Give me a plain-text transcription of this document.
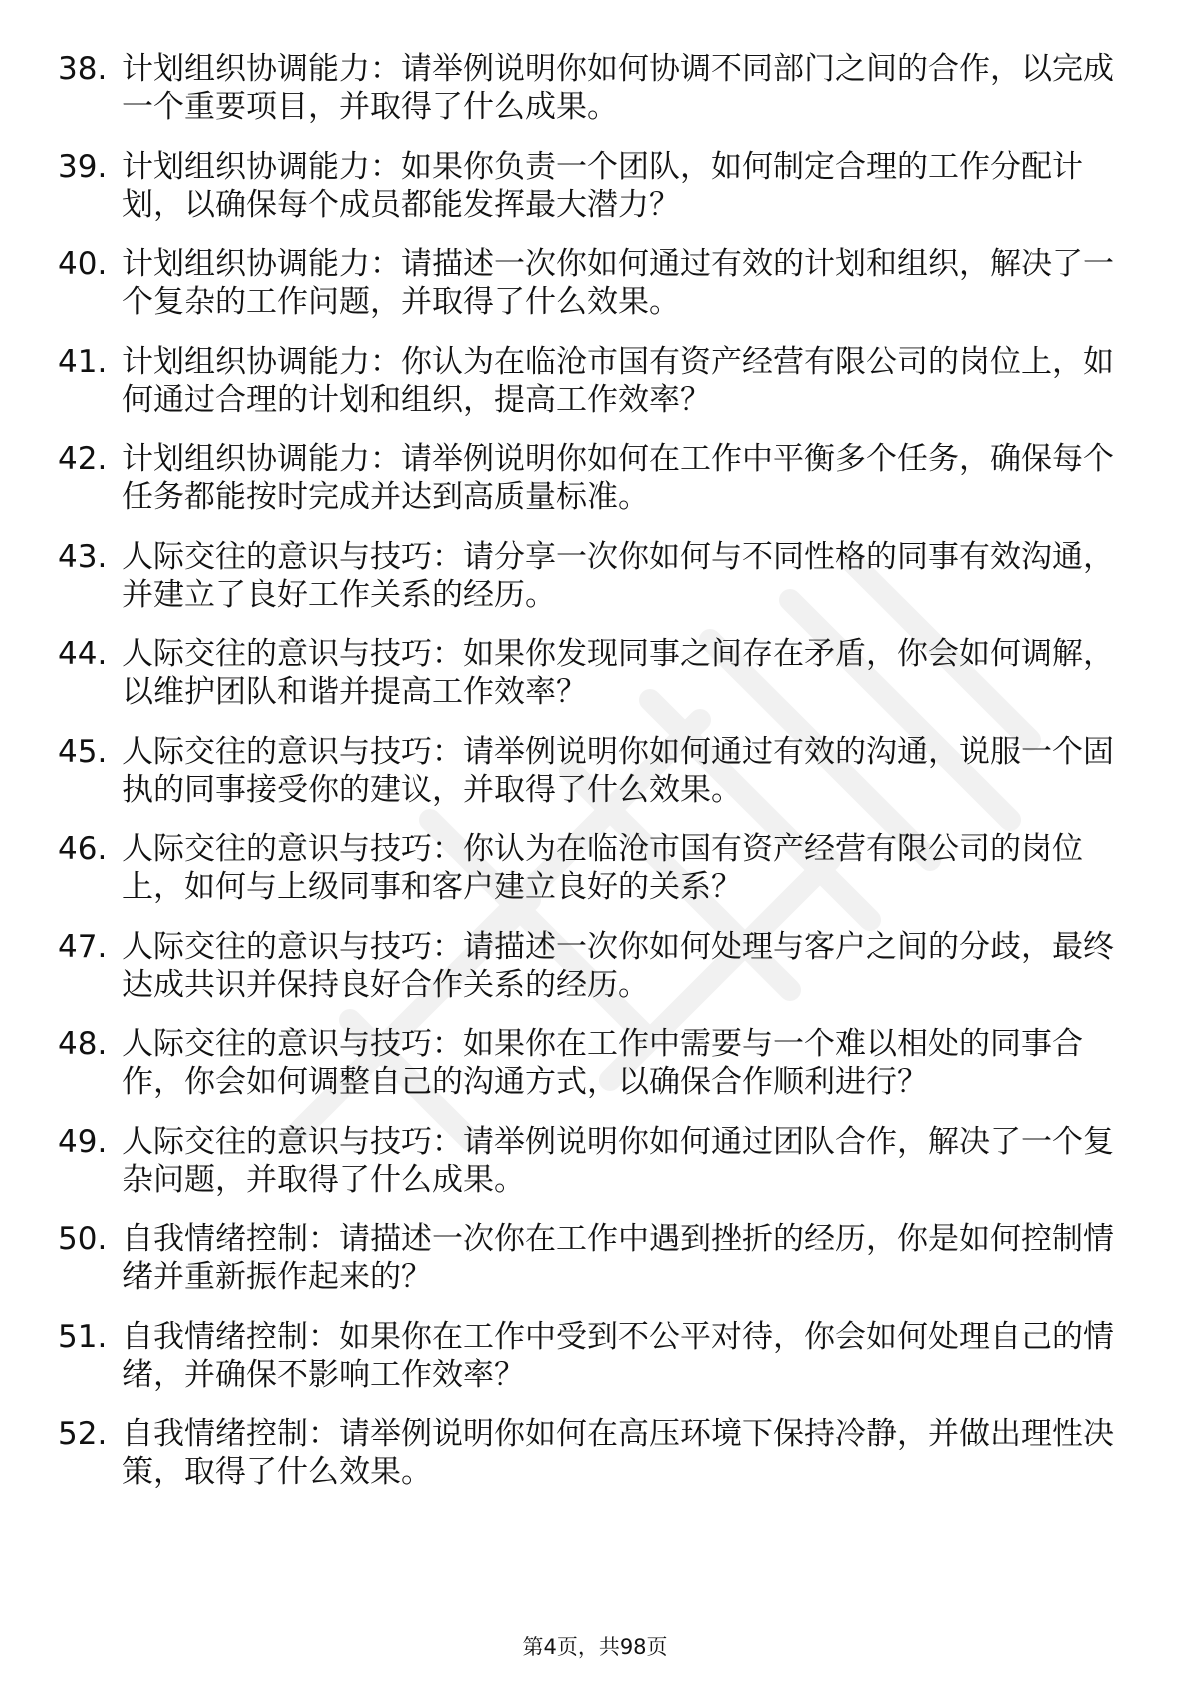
38. 计划组织协调能力：请举例说明你如何协调不同部门之间的合作，以完成一个重要项目，并取得了什么成果。
39. 计划组织协调能力：如果你负责一个团队，如何制定合理的工作分配计划，以确保每个成员都能发挥最大潜力？
40. 计划组织协调能力：请描述一次你如何通过有效的计划和组织，解决了一个复杂的工作问题，并取得了什么效果。
41. 计划组织协调能力：你认为在临沧市国有资产经营有限公司的岗位上，如何通过合理的计划和组织，提高工作效率？
42. 计划组织协调能力：请举例说明你如何在工作中平衡多个任务，确保每个任务都能按时完成并达到高质量标准。
43. 人际交往的意识与技巧：请分享一次你如何与不同性格的同事有效沟通，并建立了良好工作关系的经历。
44. 人际交往的意识与技巧：如果你发现同事之间存在矛盾，你会如何调解，以维护团队和谐并提高工作效率？
45. 人际交往的意识与技巧：请举例说明你如何通过有效的沟通，说服一个固执的同事接受你的建议，并取得了什么效果。
46. 人际交往的意识与技巧：你认为在临沧市国有资产经营有限公司的岗位上，如何与上级同事和客户建立良好的关系？
47. 人际交往的意识与技巧：请描述一次你如何处理与客户之间的分歧，最终达成共识并保持良好合作关系的经历。
48. 人际交往的意识与技巧：如果你在工作中需要与一个难以相处的同事合作，你会如何调整自己的沟通方式，以确保合作顺利进行？
49. 人际交往的意识与技巧：请举例说明你如何通过团队合作，解决了一个复杂问题，并取得了什么成果。
50. 自我情绪控制：请描述一次你在工作中遇到挫折的经历，你是如何控制情绪并重新振作起来的？
51. 自我情绪控制：如果你在工作中受到不公平对待，你会如何处理自己的情绪，并确保不影响工作效率？
52. 自我情绪控制：请举例说明你如何在高压环境下保持冷静，并做出理性决策，取得了什么效果。
第4页，共98页
